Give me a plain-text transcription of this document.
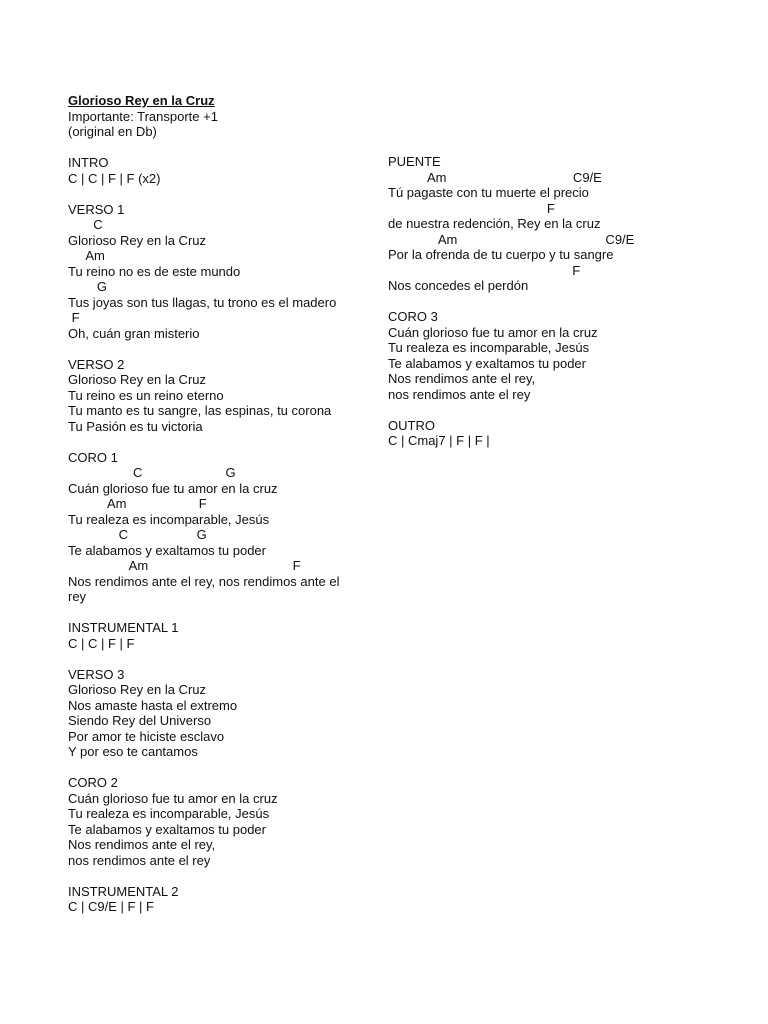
Glorioso Rey en la Cruz
Importante: Transporte +1
(original en Db)
INTRO
C | C | F | F (x2)
VERSO 1
C
Glorioso Rey en la Cruz
Am
Tu reino no es de este mundo
G
Tus joyas son tus llagas, tu trono es el madero
F
Oh, cuán gran misterio
VERSO 2
Glorioso Rey en la Cruz
Tu reino es un reino eterno
Tu manto es tu sangre, las espinas, tu corona
Tu Pasión es tu victoria
CORO 1
C                       G
Cuán glorioso fue tu amor en la cruz
Am                    F
Tu realeza es incomparable, Jesús
C                   G
Te alabamos y exaltamos tu poder
Am                                        F
Nos rendimos ante el rey, nos rendimos ante el
rey
INSTRUMENTAL 1
C | C | F | F
VERSO 3
Glorioso Rey en la Cruz
Nos amaste hasta el extremo
Siendo Rey del Universo
Por amor te hiciste esclavo
Y por eso te cantamos
CORO 2
Cuán glorioso fue tu amor en la cruz
Tu realeza es incomparable, Jesús
Te alabamos y exaltamos tu poder
Nos rendimos ante el rey,
nos rendimos ante el rey
INSTRUMENTAL 2
C | C9/E | F | F
PUENTE
Am                                   C9/E
Tú pagaste con tu muerte el precio
F
de nuestra redención, Rey en la cruz
Am                                         C9/E
Por la ofrenda de tu cuerpo y tu sangre
F
Nos concedes el perdón
CORO 3
Cuán glorioso fue tu amor en la cruz
Tu realeza es incomparable, Jesús
Te alabamos y exaltamos tu poder
Nos rendimos ante el rey,
nos rendimos ante el rey
OUTRO
C | Cmaj7 | F | F |
